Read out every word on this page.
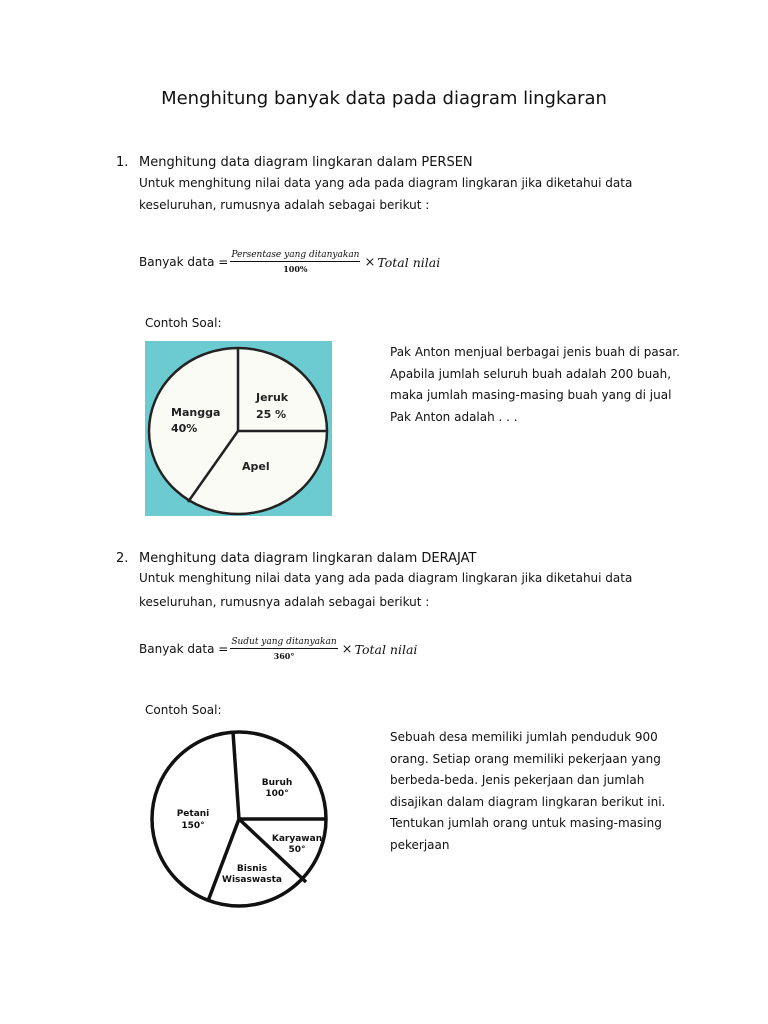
Menghitung banyak data pada diagram lingkaran
1. Menghitung data diagram lingkaran dalam PERSEN
Untuk menghitung nilai data yang ada pada diagram lingkaran jika diketahui data
keseluruhan, rumusnya adalah sebagai berikut :
Banyak data = $\frac{\text{Persentase yang ditanyakan}}{100\%}$ × Total nilai
Contoh Soal:
Jeruk
25 %
Apel
Mangga
40%
Pak Anton menjual berbagai jenis buah di pasar. Apabila jumlah seluruh buah adalah 200 buah, maka jumlah masing-masing buah yang di jual Pak Anton adalah . . .
2. Menghitung data diagram lingkaran dalam DERAJAT
Untuk menghitung nilai data yang ada pada diagram lingkaran jika diketahui data
keseluruhan, rumusnya adalah sebagai berikut :
Banyak data = $\frac{\text{Sudut yang ditanyakan}}{360^\circ}$ × Total nilai
Contoh Soal:
Buruh
100°
Karyawan
50°
Bisnis
Wisaswasta
Petani
150°
Sebuah desa memiliki jumlah penduduk 900 orang. Setiap orang memiliki pekerjaan yang berbeda-beda. Jenis pekerjaan dan jumlah disajikan dalam diagram lingkaran berikut ini. Tentukan jumlah orang untuk masing-masing pekerjaan
